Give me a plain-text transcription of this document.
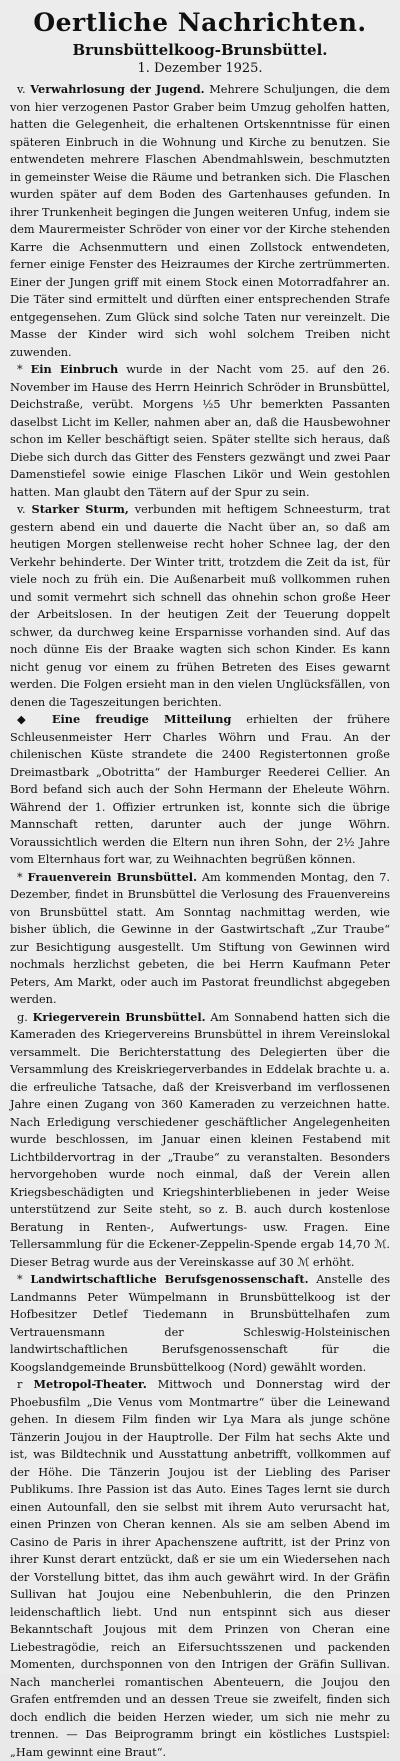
Oertliche Nachrichten.
Brunsbüttelkoog-Brunsbüttel.
1. Dezember 1925.

v. Verwahrlosung der Jugend. Mehrere Schuljungen, die dem von hier verzogenen Pastor Graber beim Umzug geholfen hatten, hatten die Gelegenheit, die erhaltenen Ortskenntnisse für einen späteren Einbruch in die Wohnung und Kirche zu benutzen. Sie entwendeten mehrere Flaschen Abendmahlswein, beschmutzten in gemeinster Weise die Räume und betranken sich. Die Flaschen wurden später auf dem Boden des Gartenhauses gefunden. In ihrer Trunkenheit begingen die Jungen weiteren Unfug, indem sie dem Maurermeister Schröder von einer vor der Kirche stehenden Karre die Achsenmuttern und einen Zollstock entwendeten, ferner einige Fenster des Heizraumes der Kirche zertrümmerten. Einer der Jungen griff mit einem Stock einen Motorradfahrer an. Die Täter sind ermittelt und dürften einer entsprechenden Strafe entgegensehen. Zum Glück sind solche Taten nur vereinzelt. Die Masse der Kinder wird sich wohl solchem Treiben nicht zuwenden.

* Ein Einbruch wurde in der Nacht vom 25. auf den 26. November im Hause des Herrn Heinrich Schröder in Brunsbüttel, Deichstraße, verübt. Morgens ½5 Uhr bemerkten Passanten daselbst Licht im Keller, nahmen aber an, daß die Hausbewohner schon im Keller beschäftigt seien. Später stellte sich heraus, daß Diebe sich durch das Gitter des Fensters gezwängt und zwei Paar Damenstiefel sowie einige Flaschen Likör und Wein gestohlen hatten. Man glaubt den Tätern auf der Spur zu sein.

v. Starker Sturm, verbunden mit heftigem Schneesturm, trat gestern abend ein und dauerte die Nacht über an, so daß am heutigen Morgen stellenweise recht hoher Schnee lag, der den Verkehr behinderte. Der Winter tritt, trotzdem die Zeit da ist, für viele noch zu früh ein. Die Außenarbeit muß vollkommen ruhen und somit vermehrt sich schnell das ohnehin schon große Heer der Arbeitslosen. In der heutigen Zeit der Teuerung doppelt schwer, da durchweg keine Ersparnisse vorhanden sind. Auf das noch dünne Eis der Braake wagten sich schon Kinder. Es kann nicht genug vor einem zu frühen Betreten des Eises gewarnt werden. Die Folgen ersieht man in den vielen Unglücksfällen, von denen die Tageszeitungen berichten.

◆ Eine freudige Mitteilung erhielten der frühere Schleusenmeister Herr Charles Wöhrn und Frau. An der chilenischen Küste strandete die 2400 Registertonnen große Dreimastbark „Obotritta“ der Hamburger Reederei Cellier. An Bord befand sich auch der Sohn Hermann der Eheleute Wöhrn. Während der 1. Offizier ertrunken ist, konnte sich die übrige Mannschaft retten, darunter auch der junge Wöhrn. Voraussichtlich werden die Eltern nun ihren Sohn, der 2½ Jahre vom Elternhaus fort war, zu Weihnachten begrüßen können.

* Frauenverein Brunsbüttel. Am kommenden Montag, den 7. Dezember, findet in Brunsbüttel die Verlosung des Frauenvereins von Brunsbüttel statt. Am Sonntag nachmittag werden, wie bisher üblich, die Gewinne in der Gastwirtschaft „Zur Traube“ zur Besichtigung ausgestellt. Um Stiftung von Gewinnen wird nochmals herzlichst gebeten, die bei Herrn Kaufmann Peter Peters, Am Markt, oder auch im Pastorat freundlichst abgegeben werden.

g. Kriegerverein Brunsbüttel. Am Sonnabend hatten sich die Kameraden des Kriegervereins Brunsbüttel in ihrem Vereinslokal versammelt. Die Berichterstattung des Delegierten über die Versammlung des Kreiskriegerverbandes in Eddelak brachte u. a. die erfreuliche Tatsache, daß der Kreisverband im verflossenen Jahre einen Zugang von 360 Kameraden zu verzeichnen hatte. Nach Erledigung verschiedener geschäftlicher Angelegenheiten wurde beschlossen, im Januar einen kleinen Festabend mit Lichtbildervortrag in der „Traube“ zu veranstalten. Besonders hervorgehoben wurde noch einmal, daß der Verein allen Kriegsbeschädigten und Kriegshinterbliebenen in jeder Weise unterstützend zur Seite steht, so z. B. auch durch kostenlose Beratung in Renten-, Aufwertungs- usw. Fragen. Eine Tellersammlung für die Eckener-Zeppelin-Spende ergab 14,70 ℳ. Dieser Betrag wurde aus der Vereinskasse auf 30 ℳ erhöht.

* Landwirtschaftliche Berufsgenossenschaft. Anstelle des Landmanns Peter Wümpelmann in Brunsbüttelkoog ist der Hofbesitzer Detlef Tiedemann in Brunsbüttelhafen zum Vertrauensmann der Schleswig-Holsteinischen landwirtschaftlichen Berufsgenossenschaft für die Koogslandgemeinde Brunsbüttelkoog (Nord) gewählt worden.

r Metropol-Theater. Mittwoch und Donnerstag wird der Phoebusfilm „Die Venus vom Montmartre“ über die Leinewand gehen. In diesem Film finden wir Lya Mara als junge schöne Tänzerin Joujou in der Hauptrolle. Der Film hat sechs Akte und ist, was Bildtechnik und Ausstattung anbetrifft, vollkommen auf der Höhe. Die Tänzerin Joujou ist der Liebling des Pariser Publikums. Ihre Passion ist das Auto. Eines Tages lernt sie durch einen Autounfall, den sie selbst mit ihrem Auto verursacht hat, einen Prinzen von Cheran kennen. Als sie am selben Abend im Casino de Paris in ihrer Apachenszene auftritt, ist der Prinz von ihrer Kunst derart entzückt, daß er sie um ein Wiedersehen nach der Vorstellung bittet, das ihm auch gewährt wird. In der Gräfin Sullivan hat Joujou eine Nebenbuhlerin, die den Prinzen leidenschaftlich liebt. Und nun entspinnt sich aus dieser Bekanntschaft Joujous mit dem Prinzen von Cheran eine Liebestragödie, reich an Eifersuchtsszenen und packenden Momenten, durchsponnen von den Intrigen der Gräfin Sullivan. Nach mancherlei romantischen Abenteuern, die Joujou den Grafen entfremden und an dessen Treue sie zweifelt, finden sich doch endlich die beiden Herzen wieder, um sich nie mehr zu trennen. — Das Beiprogramm bringt ein köstliches Lustspiel: „Ham gewinnt eine Braut“.
